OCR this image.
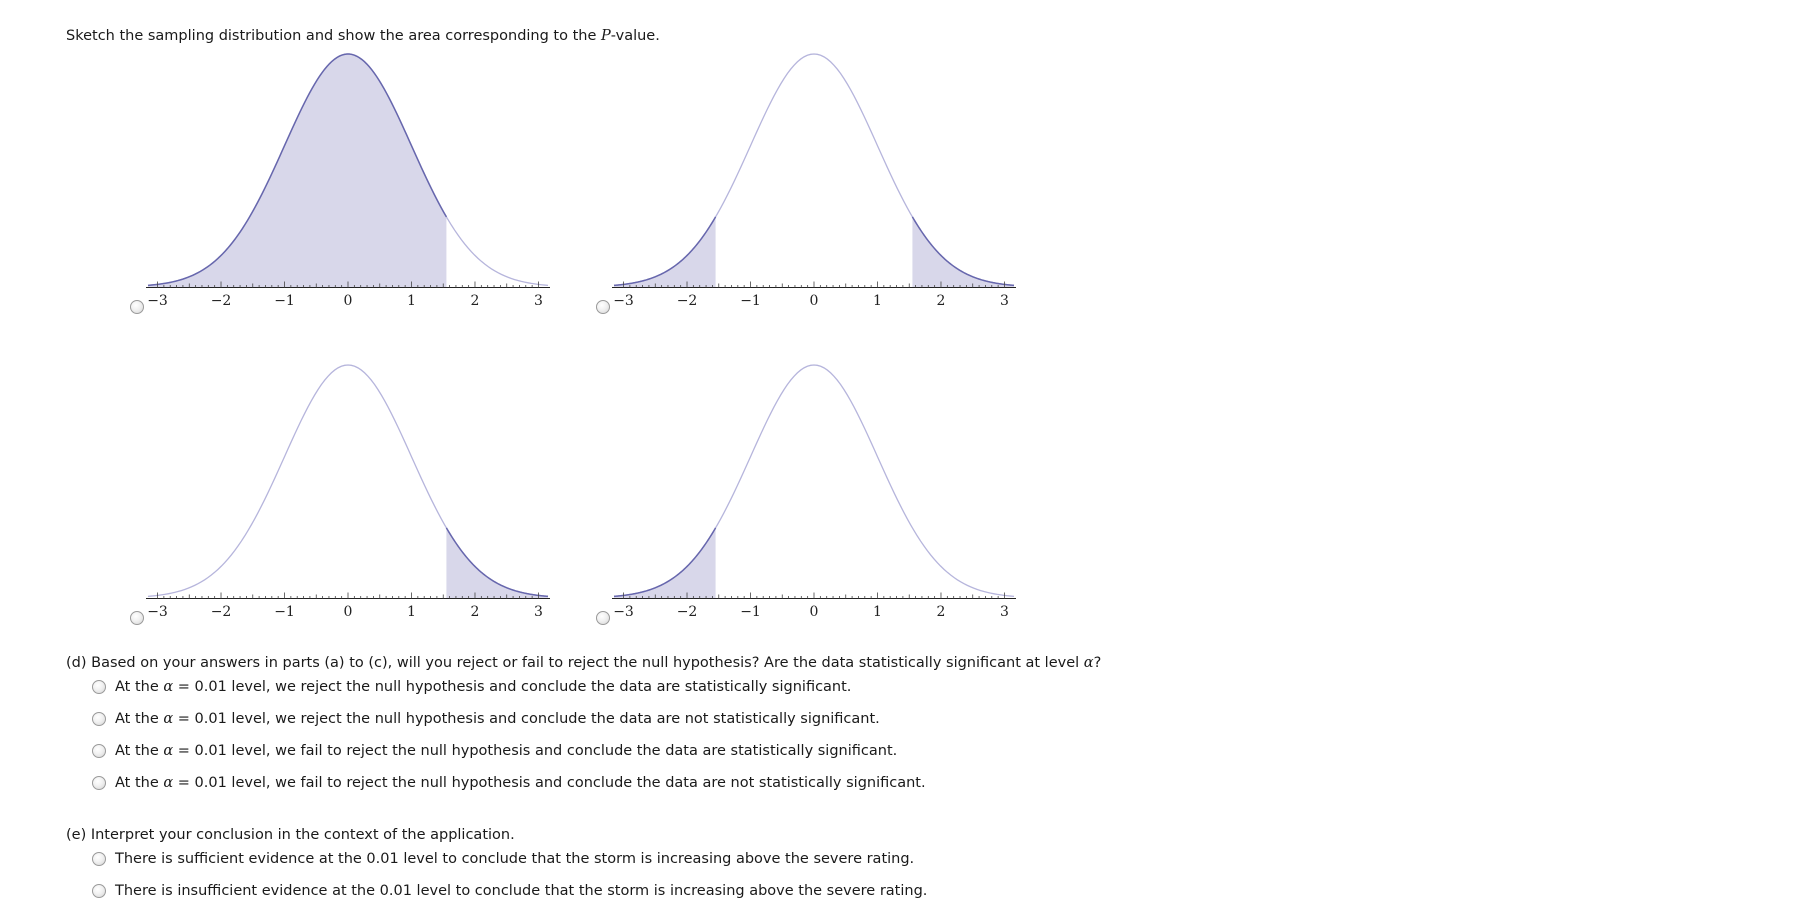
Sketch the sampling distribution and show the area corresponding to the P-value.
−3	−2	−1	0	1	2	3	−3	−2	−1	0	1	2	3
−3	−2	−1	0	1	2	3	−3	−2	−1	0	1	2	3
(d) Based on your answers in parts (a) to (c), will you reject or fail to reject the null hypothesis? Are the data statistically significant at level α?
At the α = 0.01 level, we reject the null hypothesis and conclude the data are statistically significant.
At the α = 0.01 level, we reject the null hypothesis and conclude the data are not statistically significant.
At the α = 0.01 level, we fail to reject the null hypothesis and conclude the data are statistically significant.
At the α = 0.01 level, we fail to reject the null hypothesis and conclude the data are not statistically significant.
(e) Interpret your conclusion in the context of the application.
There is sufficient evidence at the 0.01 level to conclude that the storm is increasing above the severe rating.
There is insufficient evidence at the 0.01 level to conclude that the storm is increasing above the severe rating.
